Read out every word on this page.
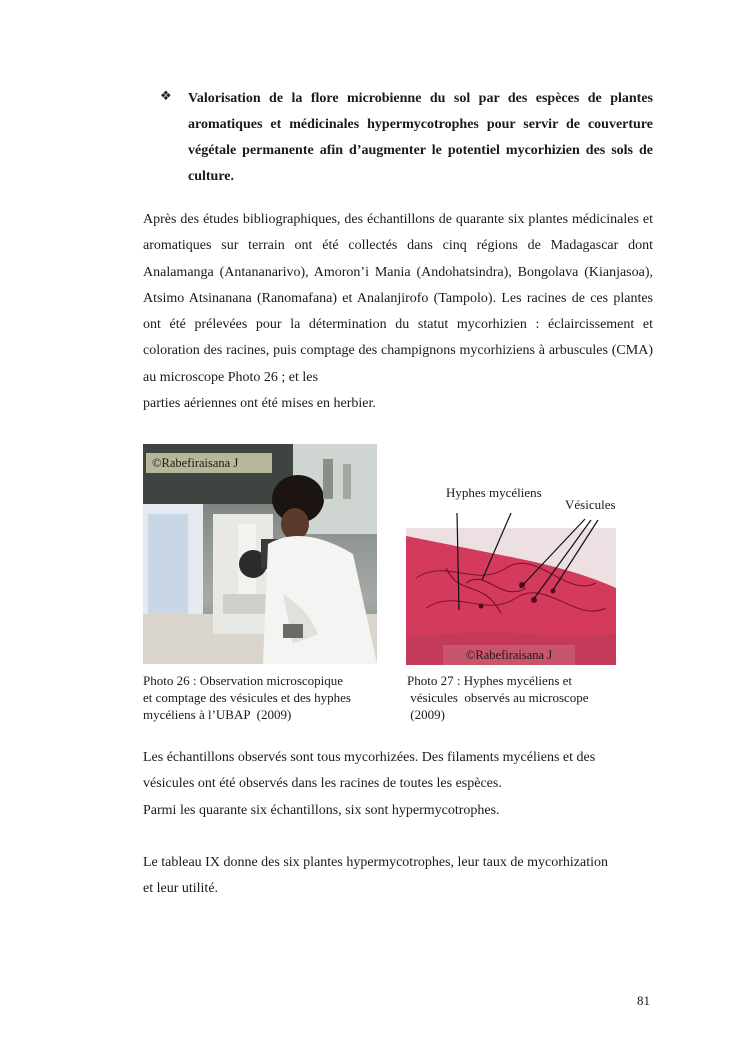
❖ Valorisation de la flore microbienne du sol par des espèces de plantes aromatiques et médicinales hypermycotrophes pour servir de couverture végétale permanente afin d’augmenter le potentiel mycorhizien des sols de culture.
Après des études bibliographiques, des échantillons de quarante six plantes médicinales et aromatiques sur terrain ont été collectés dans cinq régions de Madagascar dont Analamanga (Antananarivo), Amoron’i Mania (Andohatsindra), Bongolava (Kianjasoa), Atsimo Atsinanana (Ranomafana) et Analanjirofo (Tampolo). Les racines de ces plantes ont été prélevées pour la détermination du statut mycorhizien : éclaircissement et coloration des racines, puis comptage des champignons mycorhiziens à arbuscules (CMA) au microscope Photo 26 ; et les
parties aériennes ont été mises en herbier.
©Rabefiraisana J
©Rabefiraisana J
Hyphes mycéliens
Vésicules
Photo 26 : Observation microscopique
et comptage des vésicules et des hyphes
mycéliens à l’UBAP  (2009)
Photo 27 : Hyphes mycéliens et
vésicules  observés au microscope
(2009)
Les échantillons observés sont tous mycorhizées. Des filaments mycéliens et des
vésicules ont été observés dans les racines de toutes les espèces.
Parmi les quarante six échantillons, six sont hypermycotrophes.
Le tableau IX donne des six plantes hypermycotrophes, leur taux de mycorhization
et leur utilité.
81
